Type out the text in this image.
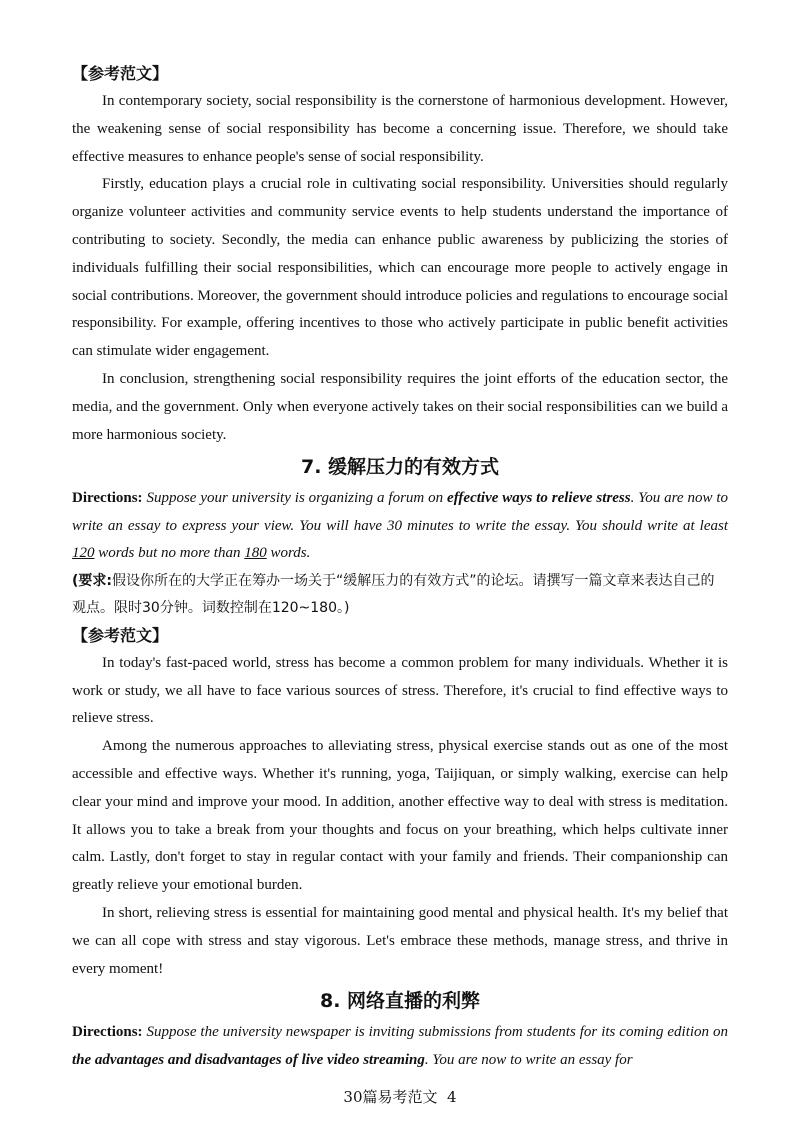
【参考范文】

In contemporary society, social responsibility is the cornerstone of harmonious development. However, the weakening sense of social responsibility has become a concerning issue. Therefore, we should take effective measures to enhance people's sense of social responsibility.

Firstly, education plays a crucial role in cultivating social responsibility. Universities should regularly organize volunteer activities and community service events to help students understand the importance of contributing to society. Secondly, the media can enhance public awareness by publicizing the stories of individuals fulfilling their social responsibilities, which can encourage more people to actively engage in social contributions. Moreover, the government should introduce policies and regulations to encourage social responsibility. For example, offering incentives to those who actively participate in public benefit activities can stimulate wider engagement.

In conclusion, strengthening social responsibility requires the joint efforts of the education sector, the media, and the government. Only when everyone actively takes on their social responsibilities can we build a more harmonious society.

7. 缓解压力的有效方式

Directions: Suppose your university is organizing a forum on effective ways to relieve stress. You are now to write an essay to express your view. You will have 30 minutes to write the essay. You should write at least 120 words but no more than 180 words.

(要求:假设你所在的大学正在筹办一场关于“缓解压力的有效方式”的论坛。请撰写一篇文章来表达自己的观点。限时30分钟。词数控制在120~180。)

【参考范文】

In today's fast-paced world, stress has become a common problem for many individuals. Whether it is work or study, we all have to face various sources of stress. Therefore, it's crucial to find effective ways to relieve stress.

Among the numerous approaches to alleviating stress, physical exercise stands out as one of the most accessible and effective ways. Whether it's running, yoga, Taijiquan, or simply walking, exercise can help clear your mind and improve your mood. In addition, another effective way to deal with stress is meditation. It allows you to take a break from your thoughts and focus on your breathing, which helps cultivate inner calm. Lastly, don't forget to stay in regular contact with your family and friends. Their companionship can greatly relieve your emotional burden.

In short, relieving stress is essential for maintaining good mental and physical health. It's my belief that we can all cope with stress and stay vigorous. Let's embrace these methods, manage stress, and thrive in every moment!

8. 网络直播的利弊

Directions: Suppose the university newspaper is inviting submissions from students for its coming edition on the advantages and disadvantages of live video streaming. You are now to write an essay for

30篇易考范文 4
